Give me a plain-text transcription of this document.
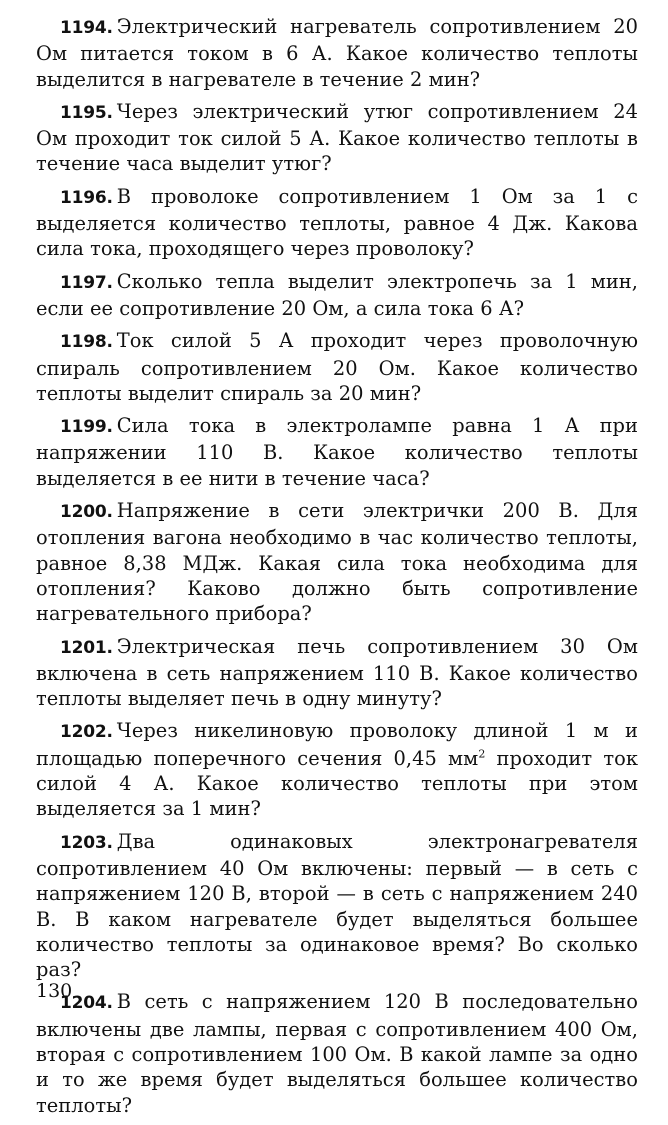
1194 . Электрический нагреватель сопротивлением 20 Ом питается током в 6 А. Какое количество теплоты выделится в нагревателе в течение 2 мин?

1195 . Через электрический утюг сопротивлением 24 Ом проходит ток силой 5 А. Какое количество теплоты в течение часа выделит утюг?

1196 . В проволоке сопротивлением 1 Ом за 1 с выделяется количество теплоты, равное 4 Дж. Какова сила тока, проходящего через проволоку?

1197 . Сколько тепла выделит электропечь за 1 мин, если ее сопротивление 20 Ом, а сила тока 6 А?

1198 . Ток силой 5 А проходит через проволочную спираль сопротивлением 20 Ом. Какое количество теплоты выделит спираль за 20 мин?

1199 . Сила тока в электролампе равна 1 А при напряжении 110 В. Какое количество теплоты выделяется в ее нити в течение часа?

1200 . Напряжение в сети электрички 200 В. Для отопления вагона необходимо в час количество теплоты, равное 8,38 МДж. Какая сила тока необходима для отопления? Каково должно быть сопротивление нагревательного прибора?

1201 . Электрическая печь сопротивлением 30 Ом включена в сеть напряжением 110 В. Какое количество теплоты выделяет печь в одну минуту?

1202 . Через никелиновую проволоку длиной 1 м и площадью поперечного сечения 0,45 $мм^2$ проходит ток силой 4 А. Какое количество теплоты при этом выделяется за 1 мин?

1203 . Два одинаковых электронагревателя сопротивлением 40 Ом включены: первый — в сеть с напряжением 120 В, второй — в сеть с напряжением 240 В. В каком нагревателе будет выделяться большее количество теплоты за одинаковое время? Во сколько раз?

1204 . В сеть с напряжением 120 В последовательно включены две лампы, первая с сопротивлением 400 Ом, вторая с сопротивлением 100 Ом. В какой лампе за одно и то же время будет выделяться большее количество теплоты?

130
